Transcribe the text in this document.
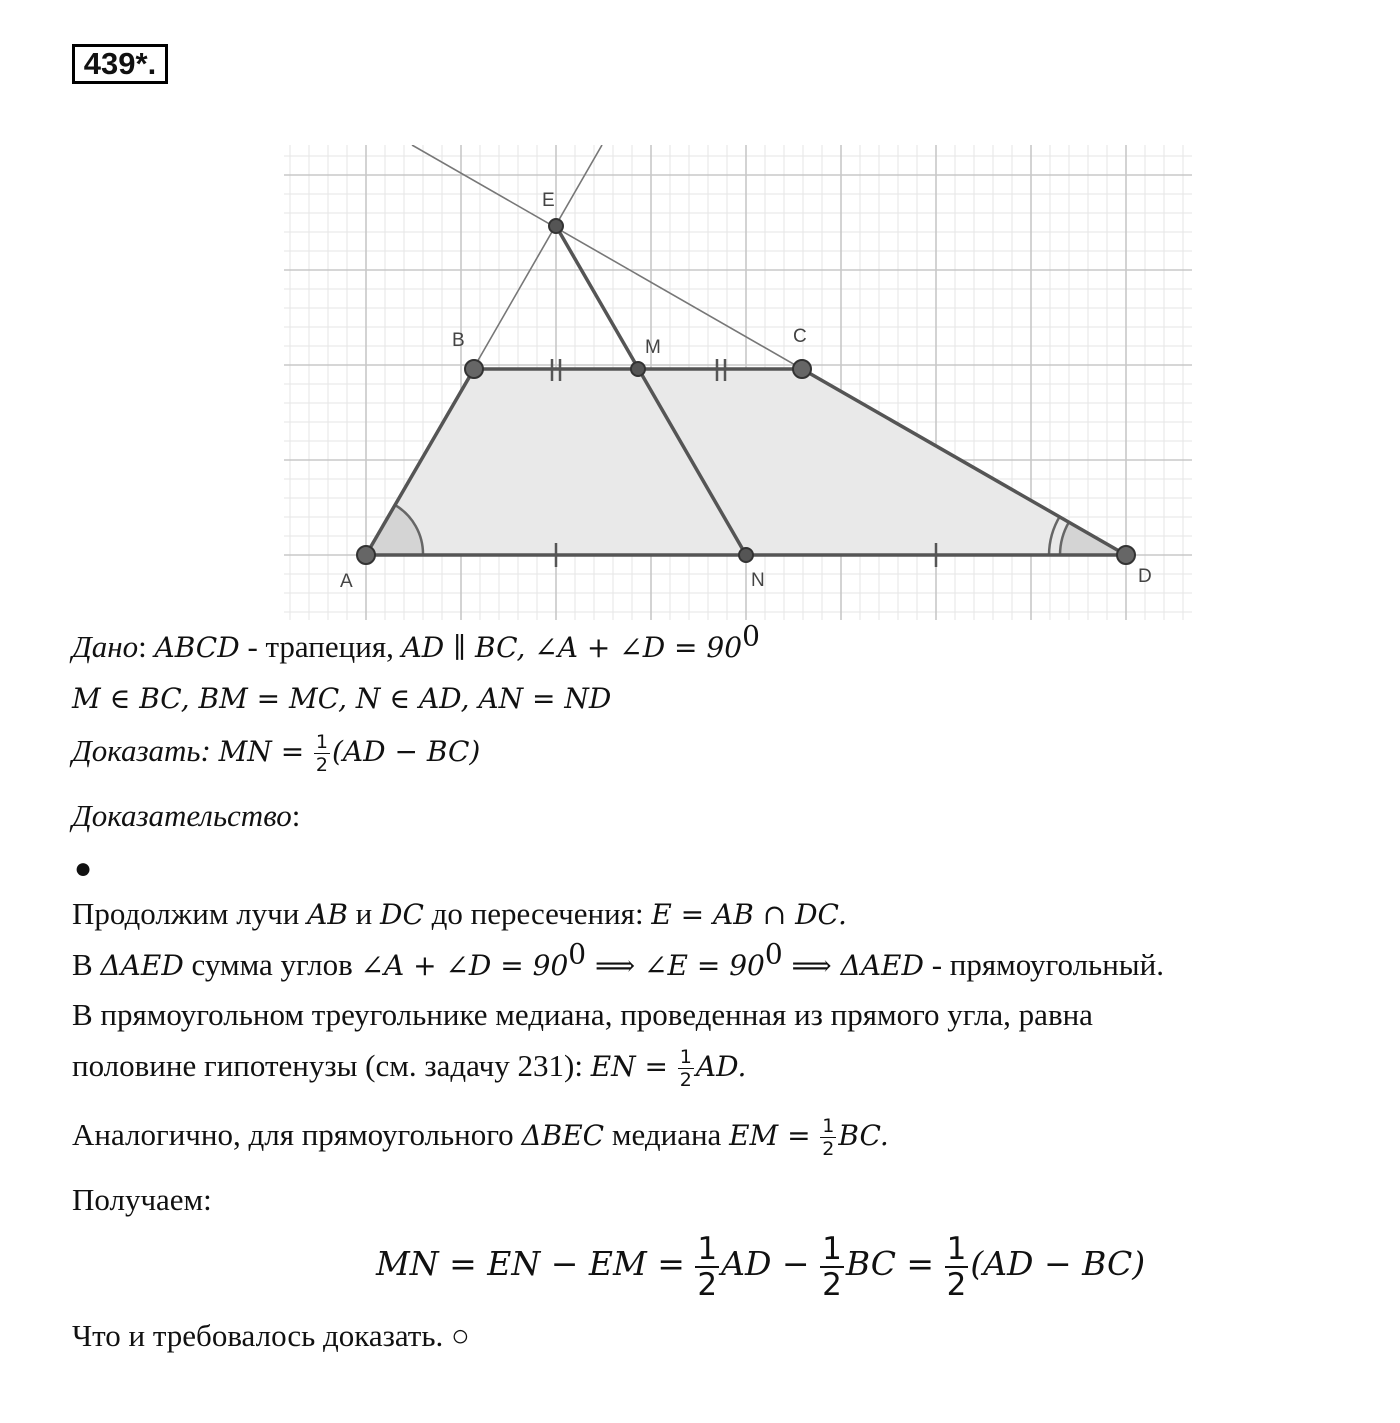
439*.
A
B	C
D
E
M
N
Дано: ABCD - трапеция, AD ∥ BC, ∠A + ∠D = $90^0$
M ∈ BC, BM = MC, N ∈ AD, AN = ND
Доказать: MN = $\frac{1}{2} (AD - BC)$
Доказательство:
●
Продолжим лучи AB и DC до пересечения: E = AB ∩ DC.
В ΔAED сумма углов ∠A + ∠D = $90^0$ ⟹ ∠E = $90^0$ ⟹ ΔAED - прямоугольный.
В прямоугольном треугольнике медиана, проведенная из прямого угла, равна
половине гипотенузы (см. задачу 231): EN = $\frac{1}{2}$ AD.
Аналогично, для прямоугольного ΔBEC медиана EM = $\frac{1}{2}$ BC.
Получаем:
MN = EN − EM = $\frac{1}{2}$ AD − $\frac{1}{2}$ BC = $\frac{1}{2} (AD - BC)$
Что и требовалось доказать. ○
